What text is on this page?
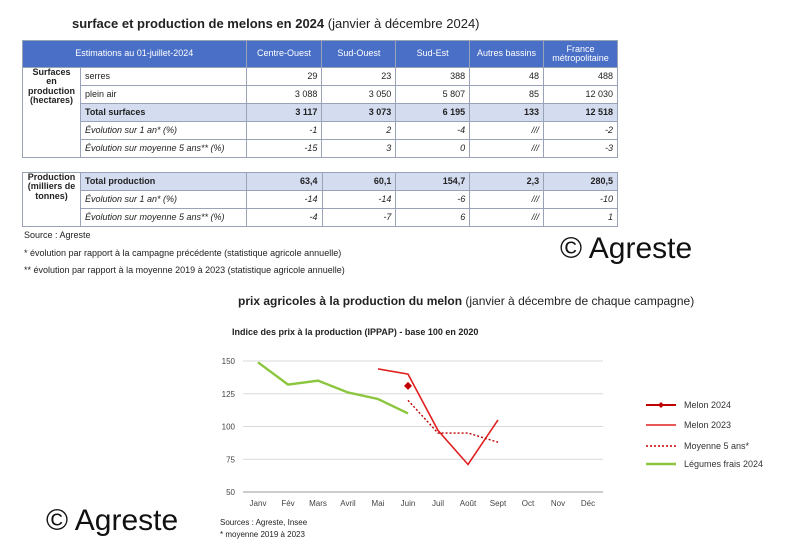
surface et production de melons en 2024 (janvier à décembre 2024)
Estimations au 01-juillet-2024		Centre-Ouest	Sud-Ouest	Sud-Est	Autres bassins	France métropolitaine
Surfaces en production (hectares)	serres	29	23	388	48	488
	plein air	3 088	3 050	5 807	85	12 030
	Total surfaces	3 117	3 073	6 195	133	12 518
	Évolution sur 1 an* (%)	-1	2	-4	///	-2
	Évolution sur moyenne 5 ans** (%)	-15	3	0	///	-3
Production (milliers de tonnes)	Total production	63,4	60,1	154,7	2,3	280,5
	Évolution sur 1 an* (%)	-14	-14	-6	///	-10
	Évolution sur moyenne 5 ans** (%)	-4	-7	6	///	1
Source : Agreste
* évolution par rapport à la campagne précédente (statistique agricole annuelle)
** évolution par rapport à la moyenne 2019 à 2023 (statistique agricole annuelle)
© Agreste
© Agreste
prix agricoles à la production du melon (janvier à décembre de chaque campagne)
Indice des prix à la production (IPPAP) - base 100 en 2020
50
75
100
125
150
Janv Fév Mars Avril Mai Juin Juil Août Sept Oct Nov Déc
Melon 2024
Melon 2023
Moyenne 5 ans*
Légumes frais 2024
Sources : Agreste, Insee
* moyenne 2019 à 2023
